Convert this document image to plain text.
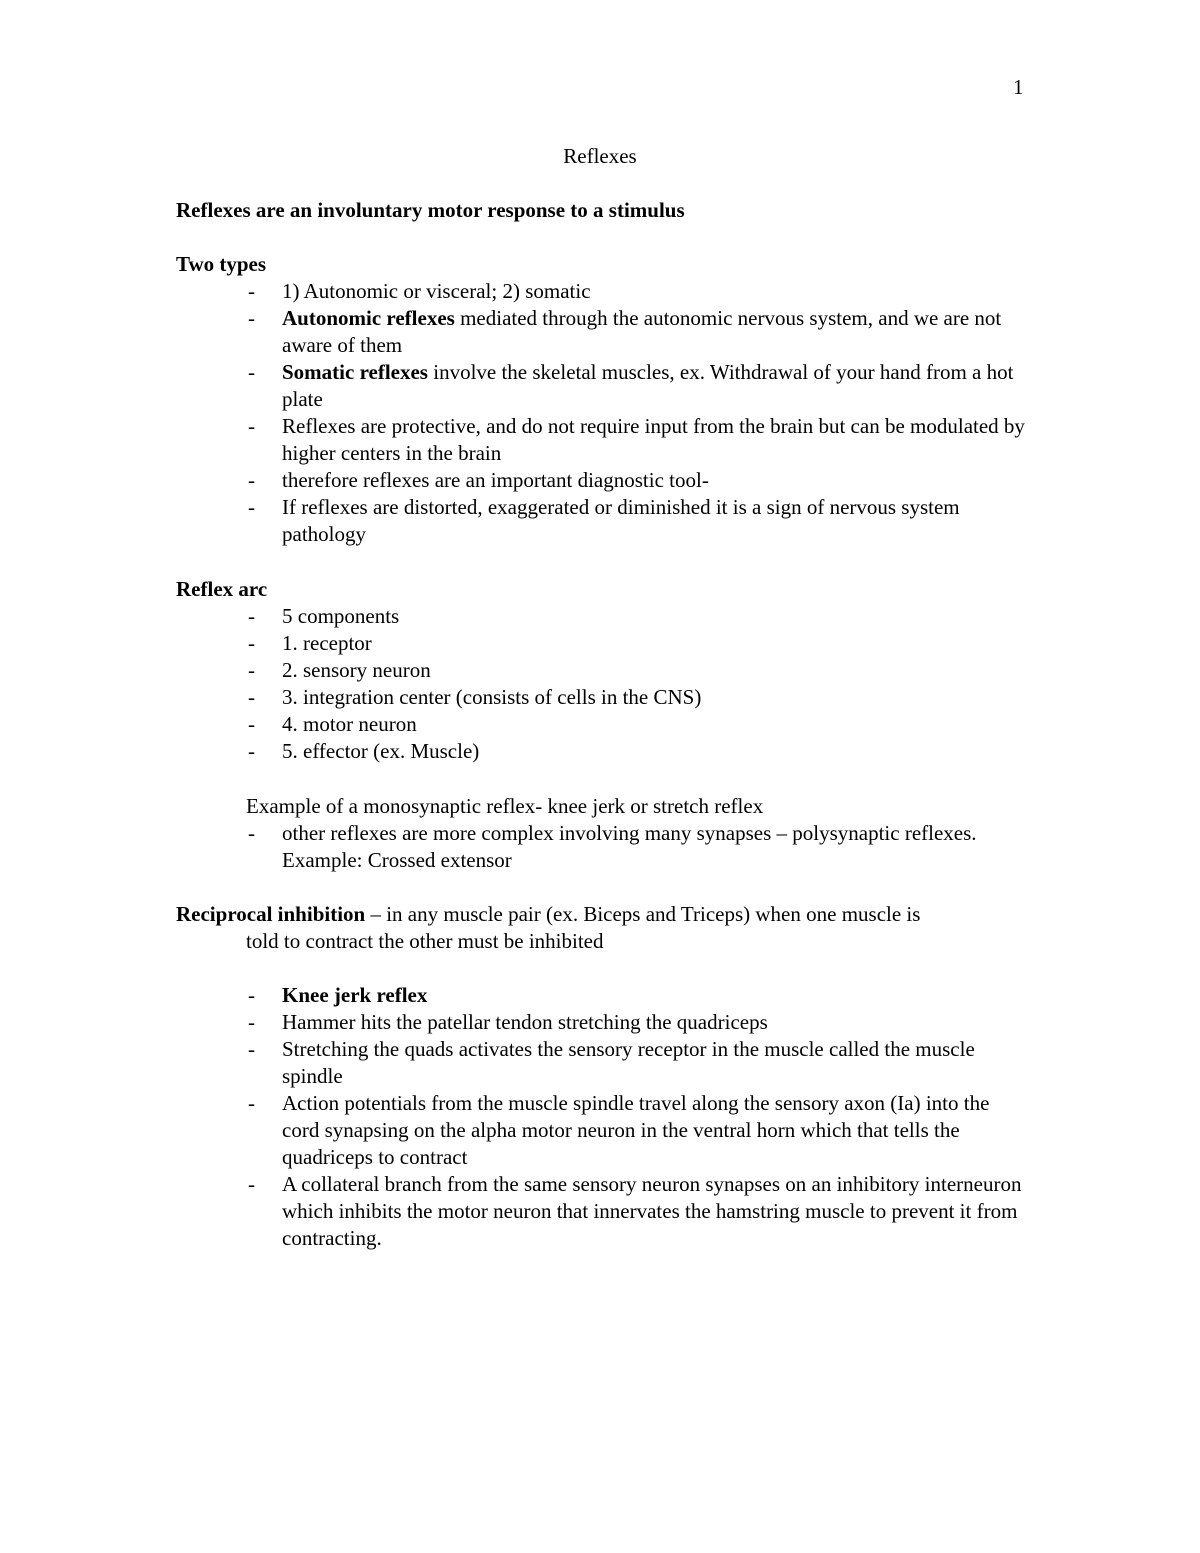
1
Reflexes
Reflexes are an involuntary motor response to a stimulus
Two types
- 1) Autonomic or visceral; 2) somatic
- Autonomic reflexes mediated through the autonomic nervous system, and we are not aware of them
- Somatic reflexes involve the skeletal muscles, ex. Withdrawal of your hand from a hot plate
- Reflexes are protective, and do not require input from the brain but can be modulated by higher centers in the brain
- therefore reflexes are an important diagnostic tool-
- If reflexes are distorted, exaggerated or diminished it is a sign of nervous system pathology
Reflex arc
- 5 components
- 1. receptor
- 2. sensory neuron
- 3. integration center (consists of cells in the CNS)
- 4. motor neuron
- 5. effector (ex. Muscle)
Example of a monosynaptic reflex- knee jerk or stretch reflex
- other reflexes are more complex involving many synapses – polysynaptic reflexes. Example: Crossed extensor
Reciprocal inhibition – in any muscle pair (ex. Biceps and Triceps) when one muscle is
told to contract the other must be inhibited
- Knee jerk reflex
- Hammer hits the patellar tendon stretching the quadriceps
- Stretching the quads activates the sensory receptor in the muscle called the muscle spindle
- Action potentials from the muscle spindle travel along the sensory axon (Ia) into the cord synapsing on the alpha motor neuron in the ventral horn which that tells the quadriceps to contract
- A collateral branch from the same sensory neuron synapses on an inhibitory interneuron which inhibits the motor neuron that innervates the hamstring muscle to prevent it from contracting.
